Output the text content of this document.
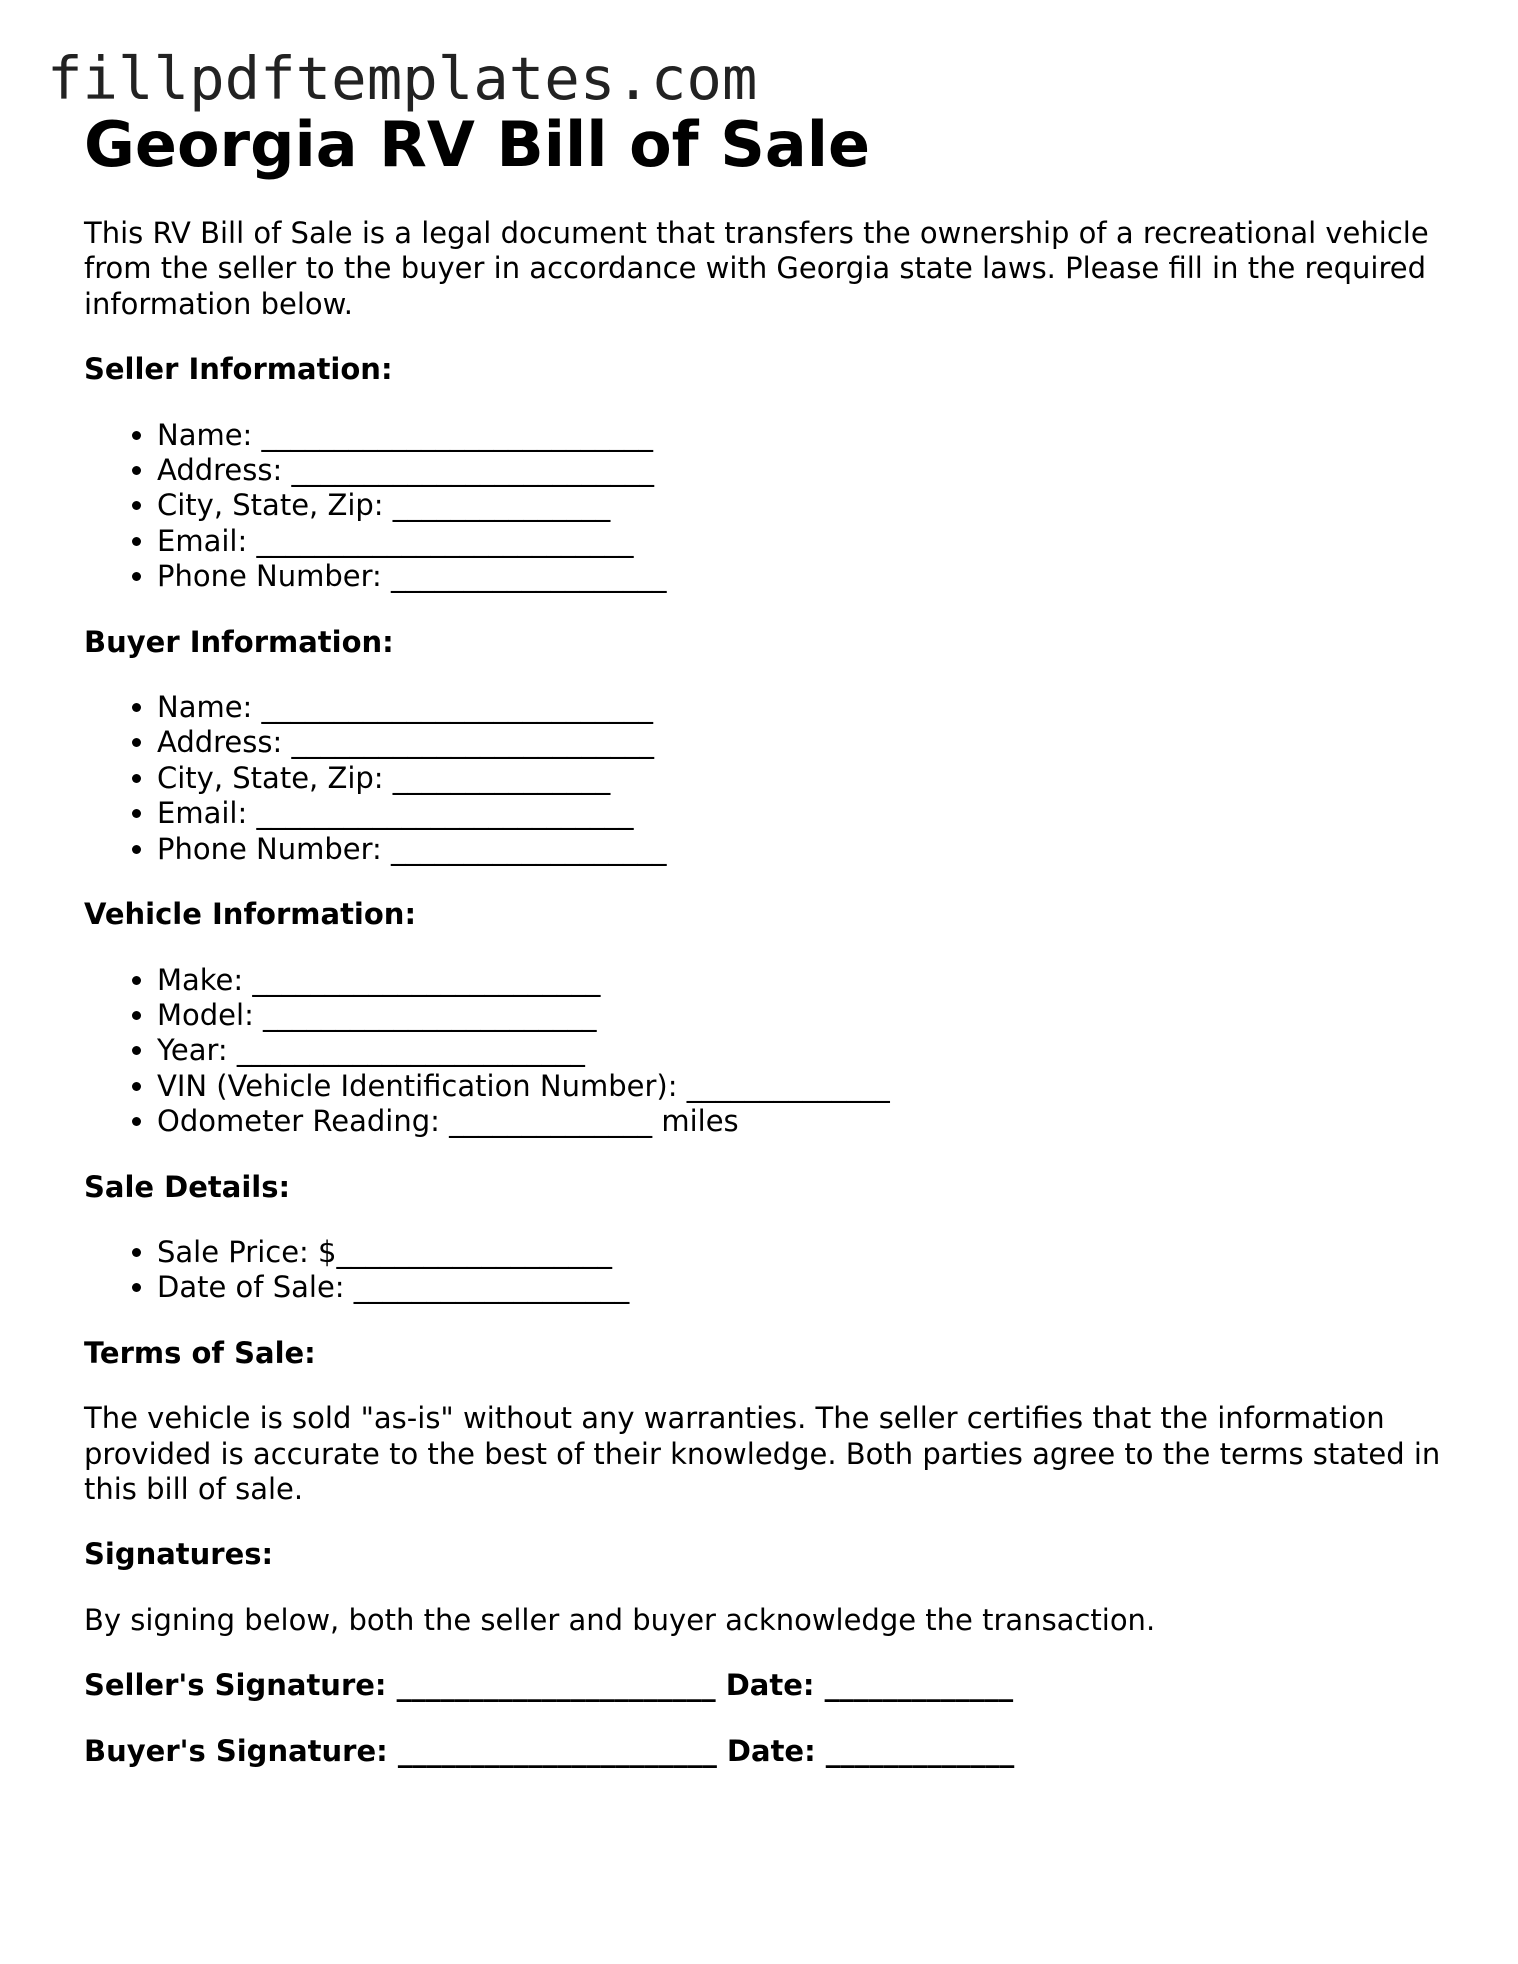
fillpdftemplates.com
Georgia RV Bill of Sale

This RV Bill of Sale is a legal document that transfers the ownership of a recreational vehicle from the seller to the buyer in accordance with Georgia state laws. Please fill in the required information below.

Seller Information:
• Name: ___________________________
• Address: _________________________
• City, State, Zip: _______________
• Email: __________________________
• Phone Number: ___________________
Buyer Information:
• Name: ___________________________
• Address: _________________________
• City, State, Zip: _______________
• Email: __________________________
• Phone Number: ___________________
Vehicle Information:
• Make: ________________________
• Model: _______________________
• Year: ________________________
• VIN (Vehicle Identification Number): ______________
• Odometer Reading: ______________ miles
Sale Details:
• Sale Price: $___________________
• Date of Sale: ___________________
Terms of Sale:

The vehicle is sold "as-is" without any warranties. The seller certifies that the information provided is accurate to the best of their knowledge. Both parties agree to the terms stated in this bill of sale.

Signatures:

By signing below, both the seller and buyer acknowledge the transaction.

Seller's Signature: ______________________ Date: _____________

Buyer's Signature: ______________________ Date: _____________
